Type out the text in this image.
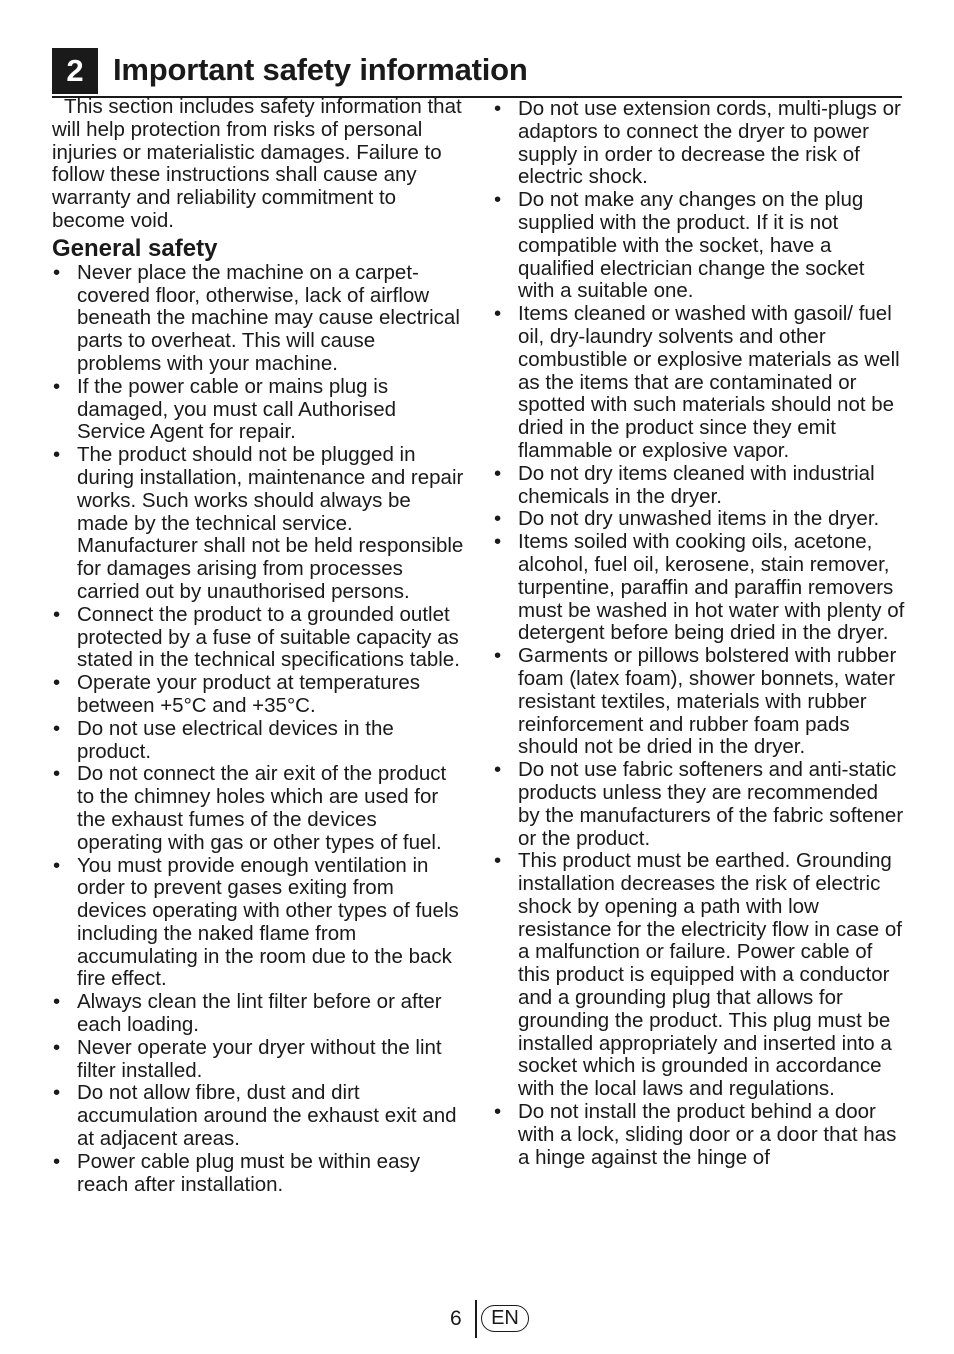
2 Important safety information

This section includes safety information that will help protection from risks of personal injuries or materialistic damages. Failure to follow these instructions shall cause any warranty and reliability commitment to become void.

General safety
• Never place the machine on a carpet-covered floor, otherwise, lack of airflow beneath the machine may cause electrical parts to overheat. This will cause problems with your machine.
• If the power cable or mains plug is damaged, you must call Authorised Service Agent for repair.
• The product should not be plugged in during installation, maintenance and repair works. Such works should always be made by the technical service. Manufacturer shall not be held responsible for damages arising from processes carried out by unauthorised persons.
• Connect the product to a grounded outlet protected by a fuse of suitable capacity as stated in the technical specifications table.
• Operate your product at temperatures between +5°C and +35°C.
• Do not use electrical devices in the product.
• Do not connect the air exit of the product to the chimney holes which are used for the exhaust fumes of the devices operating with gas or other types of fuel.
• You must provide enough ventilation in order to prevent gases exiting from devices operating with other types of fuels including the naked flame from accumulating in the room due to the back fire effect.
• Always clean the lint filter before or after each loading.
• Never operate your dryer without the lint filter installed.
• Do not allow fibre, dust and dirt accumulation around the exhaust exit and at adjacent areas.
• Power cable plug must be within easy reach after installation.
• Do not use extension cords, multi-plugs or adaptors to connect the dryer to power supply in order to decrease the risk of electric shock.
• Do not make any changes on the plug supplied with the product. If it is not compatible with the socket, have a qualified electrician change the socket with a suitable one.
• Items cleaned or washed with gasoil/ fuel oil, dry-laundry solvents and other combustible or explosive materials as well as the items that are contaminated or spotted with such materials should not be dried in the product since they emit flammable or explosive vapor.
• Do not dry items cleaned with industrial chemicals in the dryer.
• Do not dry unwashed items in the dryer.
• Items soiled with cooking oils, acetone, alcohol, fuel oil, kerosene, stain remover, turpentine, paraffin and paraffin removers must be washed in hot water with plenty of detergent before being dried in the dryer.
• Garments or pillows bolstered with rubber foam (latex foam), shower bonnets, water resistant textiles, materials with rubber reinforcement and rubber foam pads should not be dried in the dryer.
• Do not use fabric softeners and anti-static products unless they are recommended by the manufacturers of the fabric softener or the product.
• This product must be earthed. Grounding installation decreases the risk of electric shock by opening a path with low resistance for the electricity flow in case of a malfunction or failure. Power cable of this product is equipped with a conductor and a grounding plug that allows for grounding the product. This plug must be installed appropriately and inserted into a socket which is grounded in accordance with the local laws and regulations.
• Do not install the product behind a door with a lock, sliding door or a door that has a hinge against the hinge of
6	EN
